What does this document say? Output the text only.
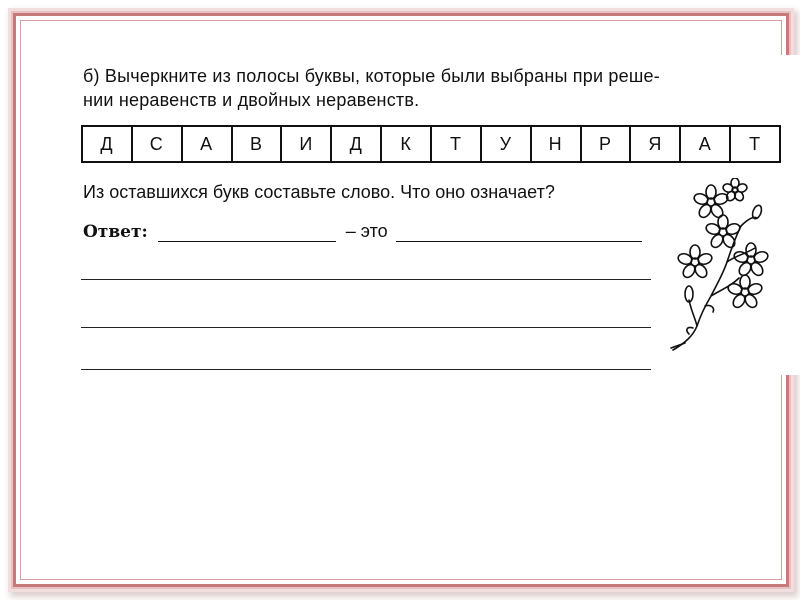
б) Вычеркните из полосы буквы, которые были выбраны при реше-
нии неравенств и двойных неравенств.
Д	С	А	В	И	Д	К	Т	У	Н	Р	Я	А	Т
Из оставшихся букв составьте слово. Что оно означает?
Ответ:	– это
